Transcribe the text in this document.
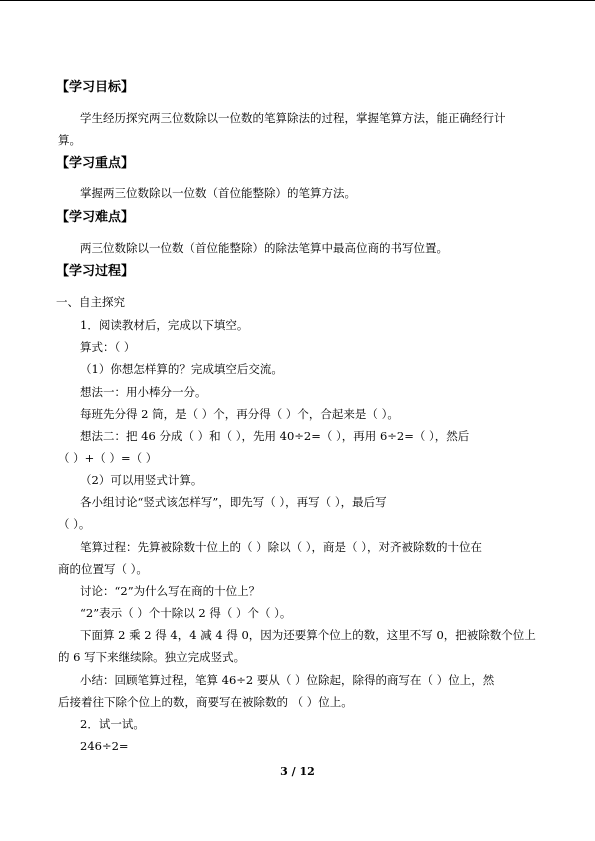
【学习目标】
学生经历探究两三位数除以一位数的笔算除法的过程，掌握笔算方法，能正确经行计
算。
【学习重点】
掌握两三位数除以一位数（首位能整除）的笔算方法。
【学习难点】
两三位数除以一位数（首位能整除）的除法笔算中最高位商的书写位置。
【学习过程】
一、自主探究
1．阅读教材后，完成以下填空。
算式：（ ）
（1）你想怎样算的？完成填空后交流。
想法一：用小棒分一分。
每班先分得 2 筒，是（ ）个，再分得（ ）个，合起来是（ ）。
想法二：把 46 分成（ ）和（ ），先用 40÷2=（ ），再用 6÷2=（ ），然后
（ ）+（ ）=（ ）
（2）可以用竖式计算。
各小组讨论“竖式该怎样写”，即先写（ ），再写（ ），最后写
（ ）。
笔算过程：先算被除数十位上的（ ）除以（ ），商是（ ），对齐被除数的十位在
商的位置写（ ）。
讨论：“2”为什么写在商的十位上？
“2”表示（ ）个十除以 2 得（ ）个（ ）。
下面算 2 乘 2 得 4，4 减 4 得 0，因为还要算个位上的数，这里不写 0，把被除数个位上
的 6 写下来继续除。独立完成竖式。
小结：回顾笔算过程，笔算 46÷2 要从（ ）位除起，除得的商写在（ ）位上，然
后接着往下除个位上的数，商要写在被除数的 （ ）位上。
2．试一试。
246÷2=
3 / 12
